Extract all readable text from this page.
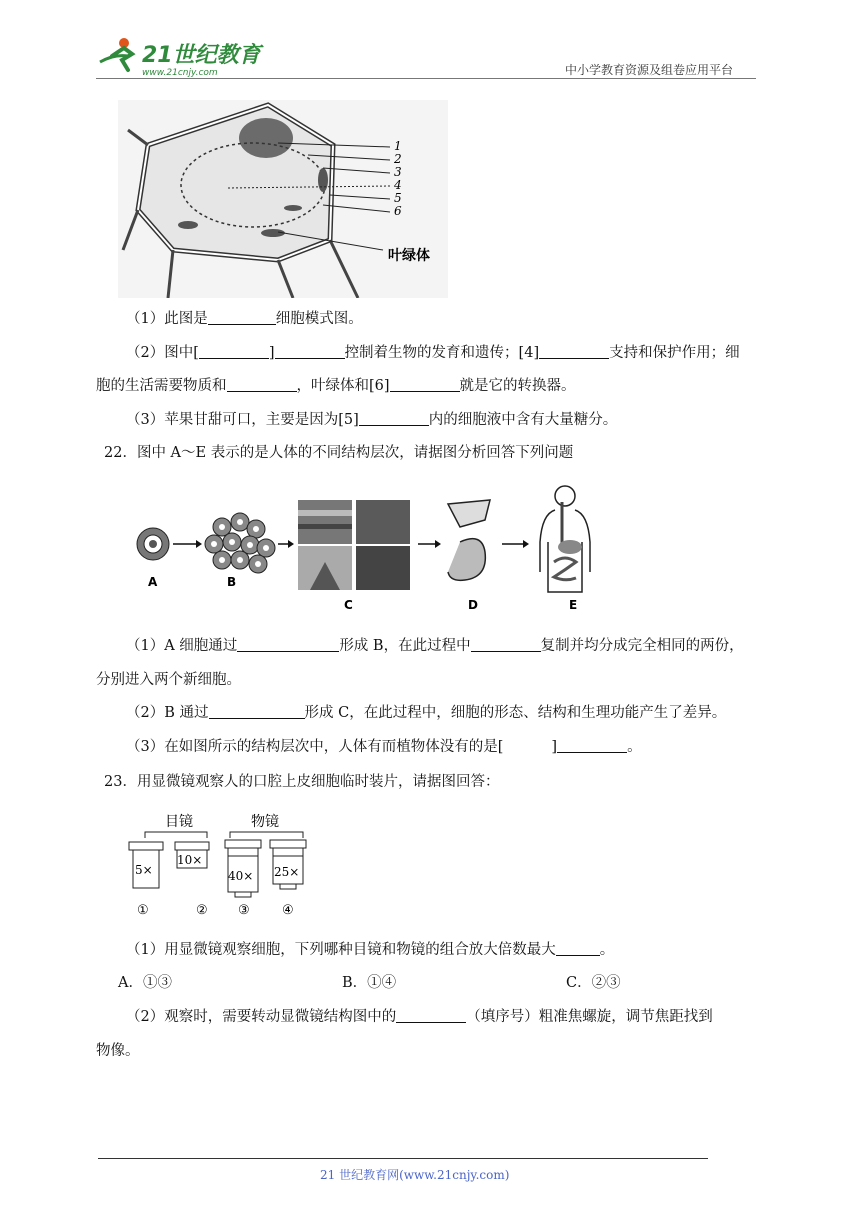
21世纪教育
www.21cnjy.com	中小学教育资源及组卷应用平台
1
2
3
4
5
6
叶绿体
（1）此图是	细胞模式图。
（2）图中[	]	控制着生物的发育和遗传；[4]	支持和保护作用；细
胞的生活需要物质和	，叶绿体和[6]	就是它的转换器。
（3）苹果甘甜可口，主要是因为[5]	内的细胞液中含有大量糖分。
22．图中 A～E 表示的是人体的不同结构层次，请据图分析回答下列问题
A	B
C	D	E
（1）A 细胞通过	形成 B，在此过程中	复制并均分成完全相同的两份，
分别进入两个新细胞。
（2）B 通过	形成 C，在此过程中，细胞的形态、结构和生理功能产生了差异。
（3）在如图所示的结构层次中，人体有而植物体没有的是[	]	。
23．用显微镜观察人的口腔上皮细胞临时装片，请据图回答：
目镜	物镜
5×
10×
40× 25×
①	② ③ ④
（1）用显微镜观察细胞，下列哪种目镜和物镜的组合放大倍数最大	。
A．①③	B．①④	C．②③
（2）观察时，需要转动显微镜结构图中的	（填序号）粗准焦螺旋，调节焦距找到
物像。
21 世纪教育网(www.21cnjy.com)
